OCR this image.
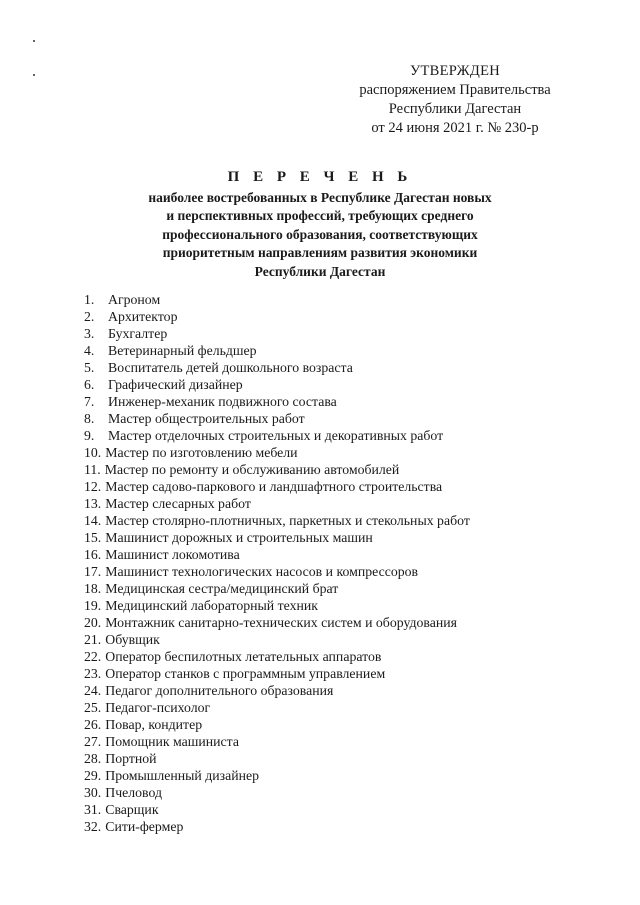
УТВЕРЖДЕН
распоряжением Правительства
Республики Дагестан
от 24 июня 2021 г. № 230-р
П Е Р Е Ч Е Н Ь
наиболее востребованных в Республике Дагестан новых
и перспективных профессий, требующих среднего
профессионального образования, соответствующих
приоритетным направлениям развития экономики
Республики Дагестан
1. Агроном
2. Архитектор
3. Бухгалтер
4. Ветеринарный фельдшер
5. Воспитатель детей дошкольного возраста
6. Графический дизайнер
7. Инженер-механик подвижного состава
8. Мастер общестроительных работ
9. Мастер отделочных строительных и декоративных работ
10. Мастер по изготовлению мебели
11. Мастер по ремонту и обслуживанию автомобилей
12. Мастер садово-паркового и ландшафтного строительства
13. Мастер слесарных работ
14. Мастер столярно-плотничных, паркетных и стекольных работ
15. Машинист дорожных и строительных машин
16. Машинист локомотива
17. Машинист технологических насосов и компрессоров
18. Медицинская сестра/медицинский брат
19. Медицинский лабораторный техник
20. Монтажник санитарно-технических систем и оборудования
21. Обувщик
22. Оператор беспилотных летательных аппаратов
23. Оператор станков с программным управлением
24. Педагог дополнительного образования
25. Педагог-психолог
26. Повар, кондитер
27. Помощник машиниста
28. Портной
29. Промышленный дизайнер
30. Пчеловод
31. Сварщик
32. Сити-фермер
